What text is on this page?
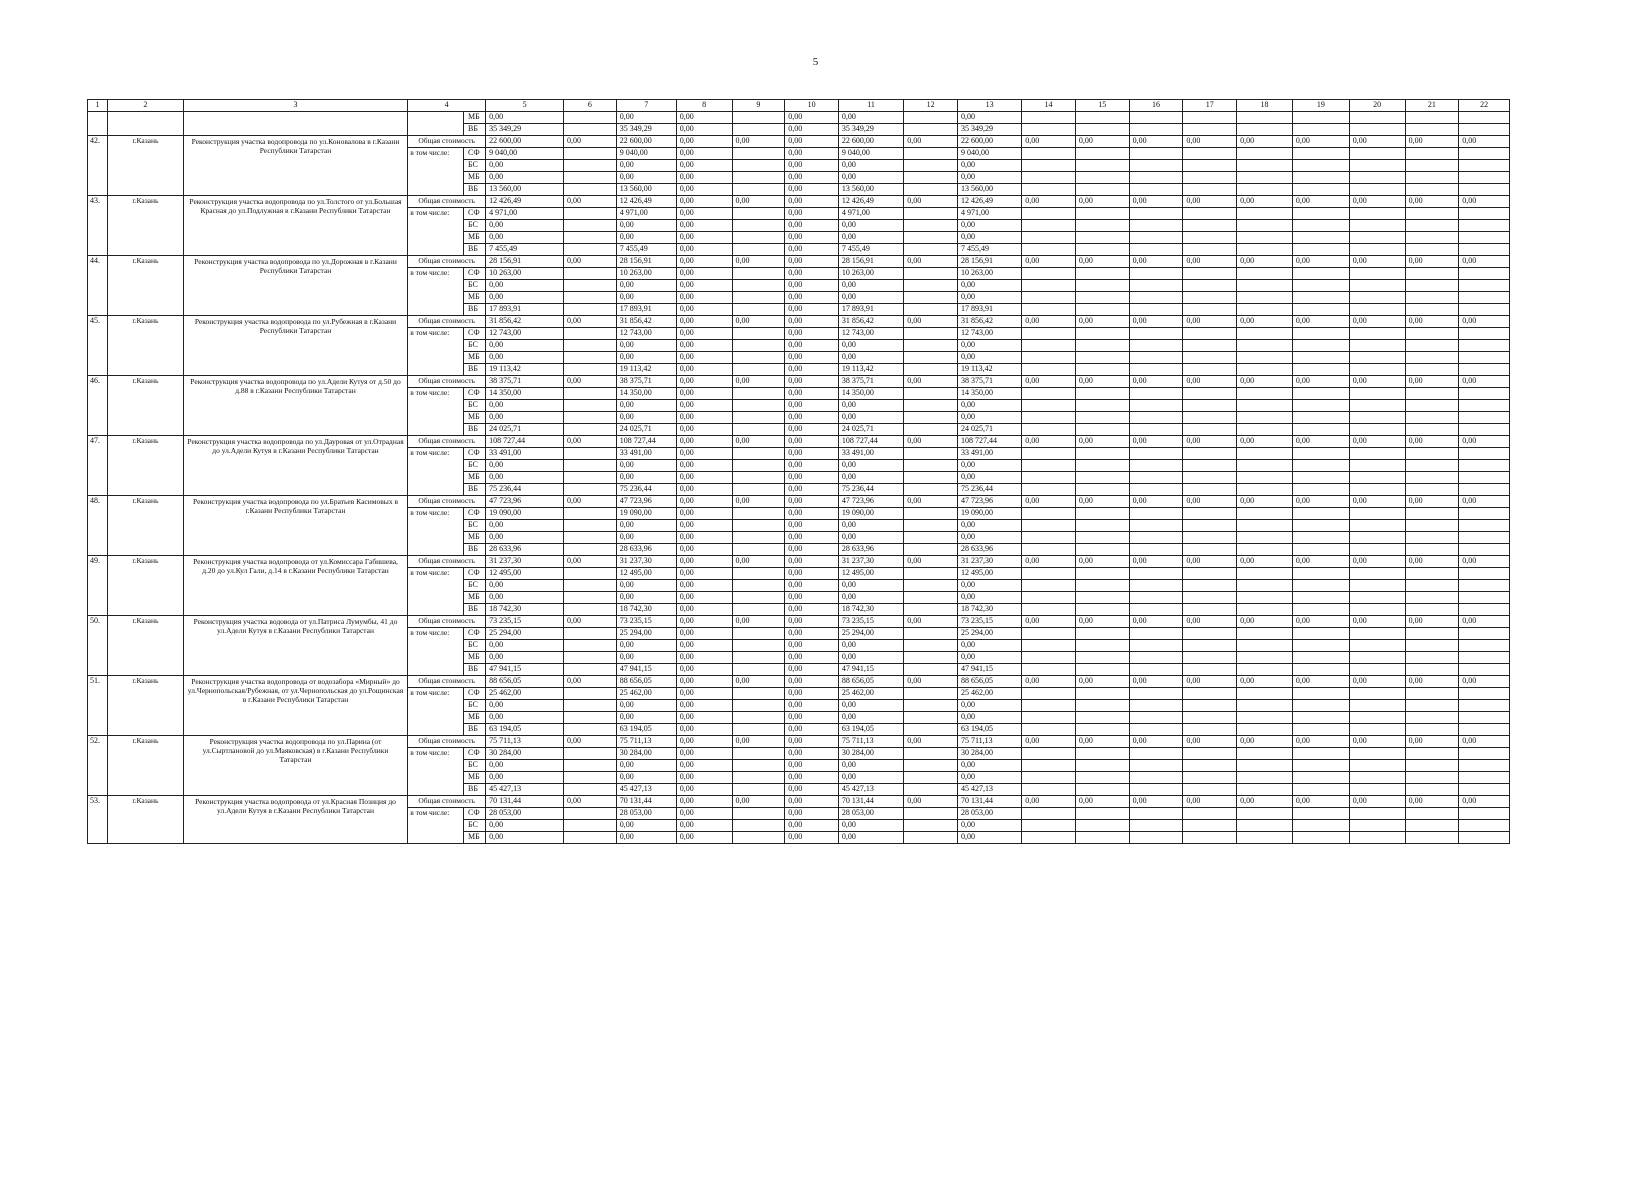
5
1	2	3	4		5	6	7	8	9	10	11	12	13	14	15	16	17	18	19	20	21	22
				МБ	0,00		0,00	0,00		0,00	0,00		0,00									
				ВБ	35 349,29		35 349,29	0,00		0,00	35 349,29		35 349,29									
42.	г.Казань	Реконструкция участка водопровода по ул.Коновалова в г.Казани Республики Татарстан	Общая стоимость		22 600,00	0,00	22 600,00	0,00	0,00	0,00	22 600,00	0,00	22 600,00	0,00	0,00	0,00	0,00	0,00	0,00	0,00	0,00	0,00

			в том числе:	СФ	9 040,00		9 040,00	0,00		0,00	9 040,00		9 040,00									
				БС	0,00		0,00	0,00		0,00	0,00		0,00									
				МБ	0,00		0,00	0,00		0,00	0,00		0,00									
				ВБ	13 560,00		13 560,00	0,00		0,00	13 560,00		13 560,00									
43.	г.Казань	Реконструкция участка водопровода по ул.Толстого от ул.Большая Красная до ул.Подлужная в г.Казани Республики Татарстан	Общая стоимость		12 426,49	0,00	12 426,49	0,00	0,00	0,00	12 426,49	0,00	12 426,49	0,00	0,00	0,00	0,00	0,00	0,00	0,00	0,00	0,00

			в том числе:	СФ	4 971,00		4 971,00	0,00		0,00	4 971,00		4 971,00									
				БС	0,00		0,00	0,00		0,00	0,00		0,00									
				МБ	0,00		0,00	0,00		0,00	0,00		0,00									
				ВБ	7 455,49		7 455,49	0,00		0,00	7 455,49		7 455,49									
44.	г.Казань	Реконструкция участка водопровода по ул.Дорожная в г.Казани Республики Татарстан	Общая стоимость		28 156,91	0,00	28 156,91	0,00	0,00	0,00	28 156,91	0,00	28 156,91	0,00	0,00	0,00	0,00	0,00	0,00	0,00	0,00	0,00

			в том числе:	СФ	10 263,00		10 263,00	0,00		0,00	10 263,00		10 263,00									
				БС	0,00		0,00	0,00		0,00	0,00		0,00									
				МБ	0,00		0,00	0,00		0,00	0,00		0,00									
				ВБ	17 893,91		17 893,91	0,00		0,00	17 893,91		17 893,91									
45.	г.Казань	Реконструкция участка водопровода по ул.Рубежная в г.Казани Республики Татарстан	Общая стоимость		31 856,42	0,00	31 856,42	0,00	0,00	0,00	31 856,42	0,00	31 856,42	0,00	0,00	0,00	0,00	0,00	0,00	0,00	0,00	0,00

			в том числе:	СФ	12 743,00		12 743,00	0,00		0,00	12 743,00		12 743,00									
				БС	0,00		0,00	0,00		0,00	0,00		0,00									
				МБ	0,00		0,00	0,00		0,00	0,00		0,00									
				ВБ	19 113,42		19 113,42	0,00		0,00	19 113,42		19 113,42									
46.	г.Казань	Реконструкция участка водопровода по ул.Адели Кутуя от д.50 до д.88 в г.Казани Республики Татарстан	Общая стоимость		38 375,71	0,00	38 375,71	0,00	0,00	0,00	38 375,71	0,00	38 375,71	0,00	0,00	0,00	0,00	0,00	0,00	0,00	0,00	0,00

			в том числе:	СФ	14 350,00		14 350,00	0,00		0,00	14 350,00		14 350,00									
				БС	0,00		0,00	0,00		0,00	0,00		0,00									
				МБ	0,00		0,00	0,00		0,00	0,00		0,00									
				ВБ	24 025,71		24 025,71	0,00		0,00	24 025,71		24 025,71									
47.	г.Казань	Реконструкция участка водопровода по ул.Дауровая от ул.Отрадная до ул.Адели Кутуя в г.Казани Республики Татарстан	Общая стоимость		108 727,44	0,00	108 727,44	0,00	0,00	0,00	108 727,44	0,00	108 727,44	0,00	0,00	0,00	0,00	0,00	0,00	0,00	0,00	0,00

			в том числе:	СФ	33 491,00		33 491,00	0,00		0,00	33 491,00		33 491,00									
				БС	0,00		0,00	0,00		0,00	0,00		0,00									
				МБ	0,00		0,00	0,00		0,00	0,00		0,00									
				ВБ	75 236,44		75 236,44	0,00		0,00	75 236,44		75 236,44									
48.	г.Казань	Реконструкция участка водопровода по ул.Братьев Касимовых в г.Казани Республики Татарстан	Общая стоимость		47 723,96	0,00	47 723,96	0,00	0,00	0,00	47 723,96	0,00	47 723,96	0,00	0,00	0,00	0,00	0,00	0,00	0,00	0,00	0,00

			в том числе:	СФ	19 090,00		19 090,00	0,00		0,00	19 090,00		19 090,00									
				БС	0,00		0,00	0,00		0,00	0,00		0,00									
				МБ	0,00		0,00	0,00		0,00	0,00		0,00									
				ВБ	28 633,96		28 633,96	0,00		0,00	28 633,96		28 633,96									
49.	г.Казань	Реконструкция участка водопровода от ул.Комиссара Габишева, д.20 до ул.Кул Гали, д.14 в г.Казани Республики Татарстан	Общая стоимость		31 237,30	0,00	31 237,30	0,00	0,00	0,00	31 237,30	0,00	31 237,30	0,00	0,00	0,00	0,00	0,00	0,00	0,00	0,00	0,00

			в том числе:	СФ	12 495,00		12 495,00	0,00		0,00	12 495,00		12 495,00									
				БС	0,00		0,00	0,00		0,00	0,00		0,00									
				МБ	0,00		0,00	0,00		0,00	0,00		0,00									
				ВБ	18 742,30		18 742,30	0,00		0,00	18 742,30		18 742,30									
50.	г.Казань	Реконструкция участка водовода от ул.Патриса Лумумбы, 41 до ул.Адели Кутуя в г.Казани Республики Татарстан	Общая стоимость		73 235,15	0,00	73 235,15	0,00	0,00	0,00	73 235,15	0,00	73 235,15	0,00	0,00	0,00	0,00	0,00	0,00	0,00	0,00	0,00

			в том числе:	СФ	25 294,00		25 294,00	0,00		0,00	25 294,00		25 294,00									
				БС	0,00		0,00	0,00		0,00	0,00		0,00									
				МБ	0,00		0,00	0,00		0,00	0,00		0,00									
				ВБ	47 941,15		47 941,15	0,00		0,00	47 941,15		47 941,15									
51.	г.Казань	Реконструкция участка водопровода от водозабора «Мирный» до ул.Чернопольская/Рубежная, от ул.Чернопольская до ул.Рощинская в г.Казани Республики Татарстан	Общая стоимость		88 656,05	0,00	88 656,05	0,00	0,00	0,00	88 656,05	0,00	88 656,05	0,00	0,00	0,00	0,00	0,00	0,00	0,00	0,00	0,00

			в том числе:	СФ	25 462,00		25 462,00	0,00		0,00	25 462,00		25 462,00									
				БС	0,00		0,00	0,00		0,00	0,00		0,00									
				МБ	0,00		0,00	0,00		0,00	0,00		0,00									
				ВБ	63 194,05		63 194,05	0,00		0,00	63 194,05		63 194,05									
52.	г.Казань	Реконструкция участка водопровода по ул.Парина (от ул.Сыртлановой до ул.Маяковская) в г.Казани Республики Татарстан	Общая стоимость		75 711,13	0,00	75 711,13	0,00	0,00	0,00	75 711,13	0,00	75 711,13	0,00	0,00	0,00	0,00	0,00	0,00	0,00	0,00	0,00

			в том числе:	СФ	30 284,00		30 284,00	0,00		0,00	30 284,00		30 284,00									
				БС	0,00		0,00	0,00		0,00	0,00		0,00									
				МБ	0,00		0,00	0,00		0,00	0,00		0,00									
				ВБ	45 427,13		45 427,13	0,00		0,00	45 427,13		45 427,13									
53.	г.Казань	Реконструкция участка водопровода от ул.Красная Позиция до ул.Адели Кутуя в г.Казани Республики Татарстан	Общая стоимость		70 131,44	0,00	70 131,44	0,00	0,00	0,00	70 131,44	0,00	70 131,44	0,00	0,00	0,00	0,00	0,00	0,00	0,00	0,00	0,00

			в том числе:	СФ	28 053,00		28 053,00	0,00		0,00	28 053,00		28 053,00									
				БС	0,00		0,00	0,00		0,00	0,00		0,00									
				МБ	0,00		0,00	0,00		0,00	0,00		0,00									
